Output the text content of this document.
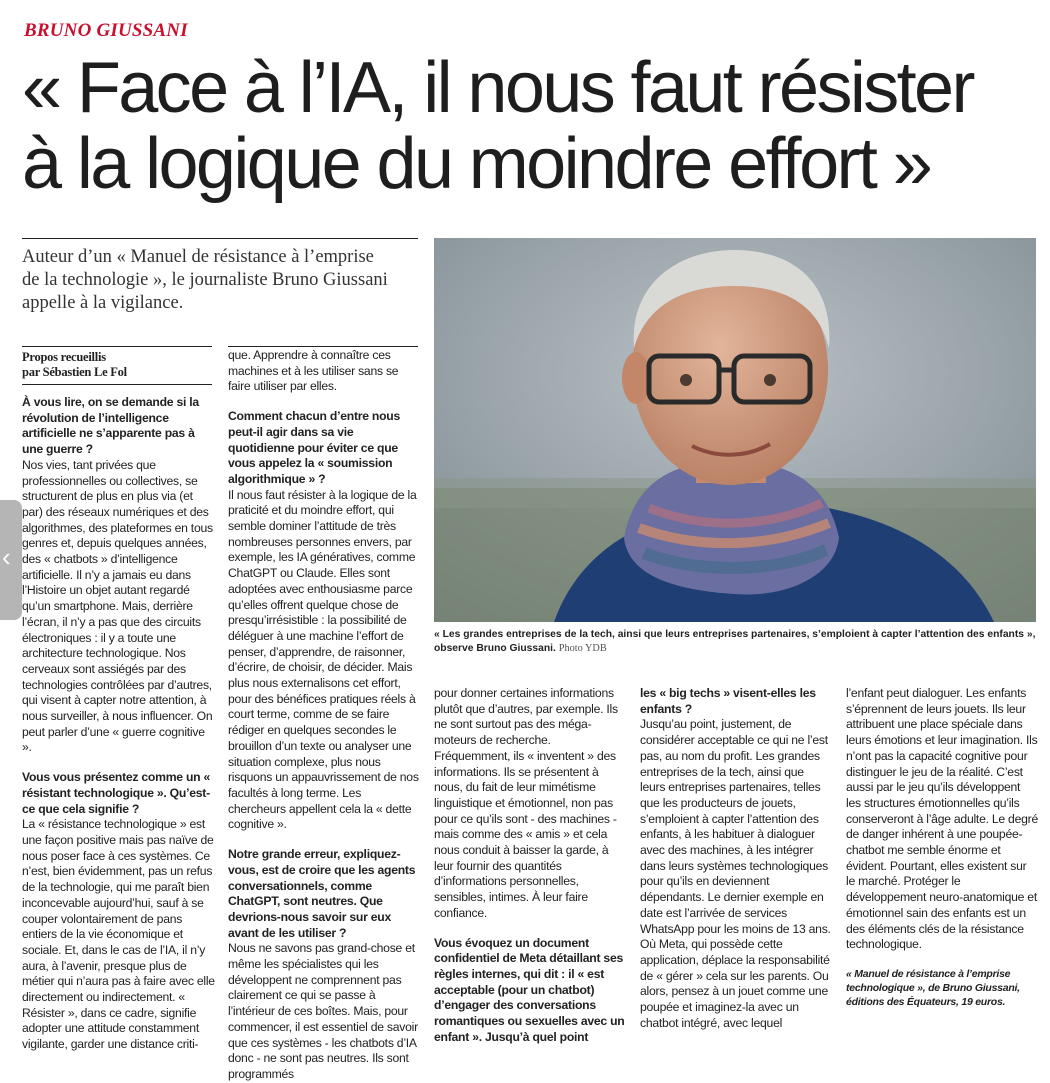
‹
BRUNO GIUSSANI
« Face à l’IA, il nous faut résister
à la logique du moindre effort »
Auteur d’un « Manuel de résistance à l’emprise
de la technologie », le journaliste Bruno Giussani
appelle à la vigilance.
« Les grandes entreprises de la tech, ainsi que leurs entreprises partenaires, s’emploient à capter l’attention des enfants », observe Bruno Giussani. Photo YDB

Propos recueillis

par Sébastien Le Fol

À vous lire, on se demande si la révolution de l’intelligence artificielle ne s’apparente pas à une guerre ?

Nos vies, tant privées que professionnelles ou collectives, se structurent de plus en plus via (et par) des réseaux numériques et des algorithmes, des plateformes en tous genres et, depuis quelques années, des « chatbots » d’intelligence artificielle. Il n’y a jamais eu dans l’Histoire un objet autant regardé qu’un smartphone. Mais, derrière l’écran, il n’y a pas que des circuits électroniques : il y a toute une architecture technologique. Nos cerveaux sont assiégés par des technologies contrôlées par d’autres, qui visent à capter notre attention, à nous surveiller, à nous influencer. On peut parler d’une « guerre cognitive ».

Vous vous présentez comme un « résistant technologique ». Qu’est-ce que cela signifie ?

La « résistance technologique » est une façon positive mais pas naïve de nous poser face à ces systèmes. Ce n’est, bien évidemment, pas un refus de la technologie, qui me paraît bien inconcevable aujourd’hui, sauf à se couper volontairement de pans entiers de la vie économique et sociale. Et, dans le cas de l’IA, il n’y aura, à l’avenir, presque plus de métier qui n’aura pas à faire avec elle directement ou indirectement. « Résister », dans ce cadre, signifie adopter une attitude constamment vigilante, garder une distance criti-

que. Apprendre à connaître ces machines et à les utiliser sans se faire utiliser par elles.

Comment chacun d’entre nous peut-il agir dans sa vie quotidienne pour éviter ce que vous appelez la « soumission algorithmique » ?

Il nous faut résister à la logique de la praticité et du moindre effort, qui semble dominer l’attitude de très nombreuses personnes envers, par exemple, les IA génératives, comme ChatGPT ou Claude. Elles sont adoptées avec enthousiasme parce qu’elles offrent quelque chose de presqu’irrésistible : la possibilité de déléguer à une machine l’effort de penser, d’apprendre, de raisonner, d’écrire, de choisir, de décider. Mais plus nous externalisons cet effort, pour des bénéfices pratiques réels à court terme, comme de se faire rédiger en quelques secondes le brouillon d’un texte ou analyser une situation complexe, plus nous risquons un appauvrissement de nos facultés à long terme. Les chercheurs appellent cela la « dette cognitive ».

Notre grande erreur, expliquez-vous, est de croire que les agents conversationnels, comme ChatGPT, sont neutres. Que devrions-nous savoir sur eux avant de les utiliser ?

Nous ne savons pas grand-chose et même les spécialistes qui les développent ne comprennent pas clairement ce qui se passe à l’intérieur de ces boîtes. Mais, pour commencer, il est essentiel de savoir que ces systèmes - les chatbots d’IA donc - ne sont pas neutres. Ils sont programmés

pour donner certaines informations plutôt que d’autres, par exemple. Ils ne sont surtout pas des méga-moteurs de recherche. Fréquemment, ils « inventent » des informations. Ils se présentent à nous, du fait de leur mimétisme linguistique et émotionnel, non pas pour ce qu’ils sont - des machines - mais comme des « amis » et cela nous conduit à baisser la garde, à leur fournir des quantités d’informations personnelles, sensibles, intimes. À leur faire confiance.

Vous évoquez un document confidentiel de Meta détaillant ses règles internes, qui dit : il « est acceptable (pour un chatbot) d’engager des conversations romantiques ou sexuelles avec un enfant ». Jusqu’à quel point

les « big techs » visent-elles les enfants ?

Jusqu’au point, justement, de considérer acceptable ce qui ne l’est pas, au nom du profit. Les grandes entreprises de la tech, ainsi que leurs entreprises partenaires, telles que les producteurs de jouets, s’emploient à capter l’attention des enfants, à les habituer à dialoguer avec des machines, à les intégrer dans leurs systèmes technologiques pour qu’ils en deviennent dépendants. Le dernier exemple en date est l’arrivée de services WhatsApp pour les moins de 13 ans. Où Meta, qui possède cette application, déplace la responsabilité de « gérer » cela sur les parents. Ou alors, pensez à un jouet comme une poupée et imaginez-la avec un chatbot intégré, avec lequel

l’enfant peut dialoguer. Les enfants s’éprennent de leurs jouets. Ils leur attribuent une place spéciale dans leurs émotions et leur imagination. Ils n’ont pas la capacité cognitive pour distinguer le jeu de la réalité. C’est aussi par le jeu qu’ils développent les structures émotionnelles qu’ils conserveront à l’âge adulte. Le degré de danger inhérent à une poupée-chatbot me semble énorme et évident. Pourtant, elles existent sur le marché. Protéger le développement neuro-anatomique et émotionnel sain des enfants est un des éléments clés de la résistance technologique.

« Manuel de résistance à l’emprise technologique », de Bruno Giussani, éditions des Équateurs, 19 euros.
